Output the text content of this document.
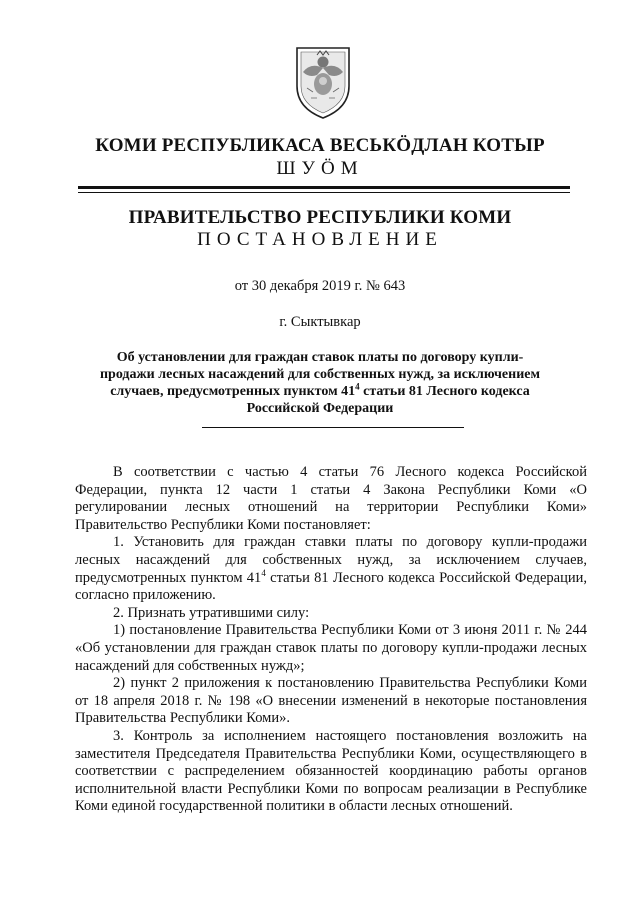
КОМИ РЕСПУБЛИКАСА ВЕСЬКӦДЛАН КОТЫР
ШУӦМ
ПРАВИТЕЛЬСТВО РЕСПУБЛИКИ КОМИ
ПОСТАНОВЛЕНИЕ
от 30 декабря 2019 г. № 643
г. Сыктывкар
Об установлении для граждан ставок платы по договору купли-продажи лесных насаждений для собственных нужд, за исключением случаев, предусмотренных пунктом $41^4$ статьи 81 Лесного кодекса Российской Федерации

В соответствии с частью 4 статьи 76 Лесного кодекса Российской Федерации, пункта 12 части 1 статьи 4 Закона Республики Коми «О регулировании лесных отношений на территории Республики Коми» Правительство Республики Коми постановляет:

1. Установить для граждан ставки платы по договору купли-продажи лесных насаждений для собственных нужд, за исключением случаев, предусмотренных пунктом $41^4$ статьи 81 Лесного кодекса Российской Федерации, согласно приложению.

2. Признать утратившими силу:

1) постановление Правительства Республики Коми от 3 июня 2011 г. № 244 «Об установлении для граждан ставок платы по договору купли-продажи лесных насаждений для собственных нужд»;

2) пункт 2 приложения к постановлению Правительства Республики Коми от 18 апреля 2018 г. № 198 «О внесении изменений в некоторые постановления Правительства Республики Коми».

3. Контроль за исполнением настоящего постановления возложить на заместителя Председателя Правительства Республики Коми, осуществляющего в соответствии с распределением обязанностей координацию работы органов исполнительной власти Республики Коми по вопросам реализации в Республике Коми единой государственной политики в области лесных отношений.
